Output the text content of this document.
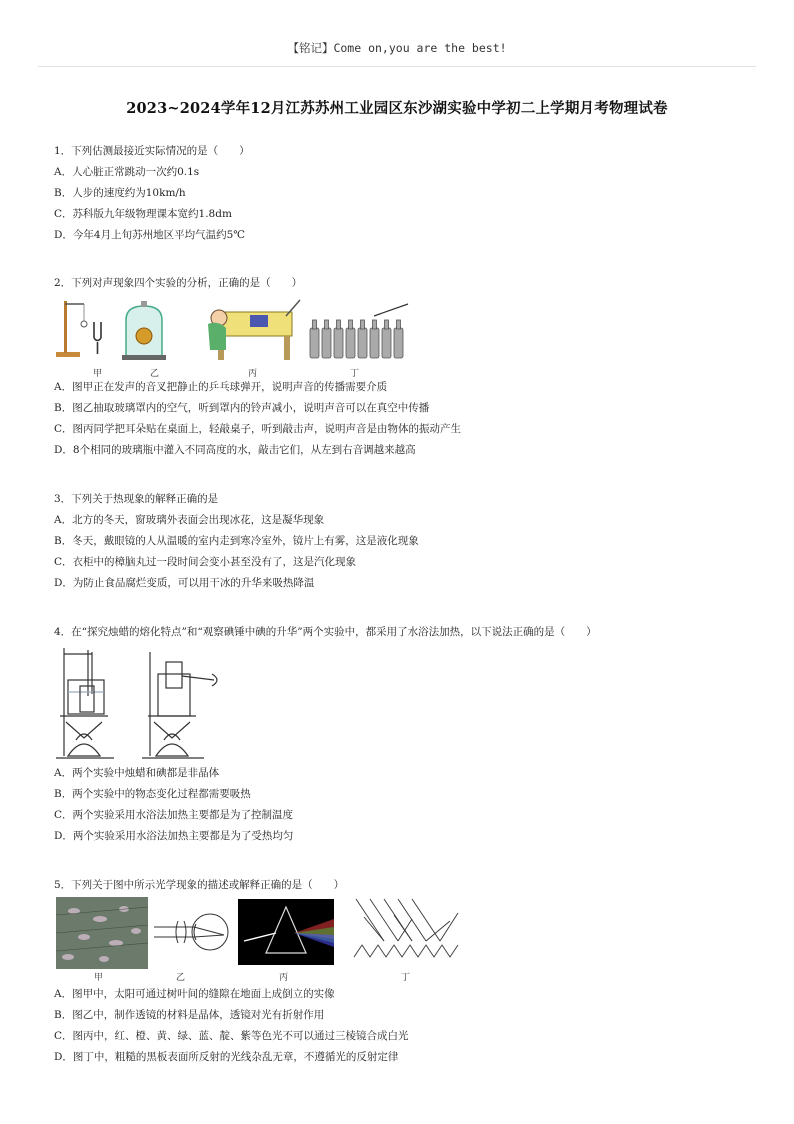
【铭记】Come on,you are the best!
2023~2024学年12月江苏苏州工业园区东沙湖实验中学初二上学期月考物理试卷
1．下列估测最接近实际情况的是（　　）
A．人心脏正常跳动一次约0.1s
B．人步的速度约为10km/h
C．苏科版九年级物理课本宽约1.8dm
D．今年4月上旬苏州地区平均气温约5℃
2．下列对声现象四个实验的分析，正确的是（　　）
甲	乙	丙	丁
A．图甲正在发声的音叉把静止的乒乓球弹开，说明声音的传播需要介质
B．图乙抽取玻璃罩内的空气，听到罩内的铃声减小，说明声音可以在真空中传播
C．图丙同学把耳朵贴在桌面上，轻敲桌子，听到敲击声，说明声音是由物体的振动产生
D．8个相同的玻璃瓶中灌入不同高度的水，敲击它们，从左到右音调越来越高
3．下列关于热现象的解释正确的是
A．北方的冬天，窗玻璃外表面会出现冰花，这是凝华现象
B．冬天，戴眼镜的人从温暖的室内走到寒冷室外，镜片上有雾，这是液化现象
C．衣柜中的樟脑丸过一段时间会变小甚至没有了，这是汽化现象
D．为防止食品腐烂变质，可以用干冰的升华来吸热降温
4．在“探究烛蜡的熔化特点”和“观察碘锤中碘的升华”两个实验中，都采用了水浴法加热，以下说法正确的是（　　）
A．两个实验中烛蜡和碘都是非晶体
B．两个实验中的物态变化过程都需要吸热
C．两个实验采用水浴法加热主要都是为了控制温度
D．两个实验采用水浴法加热主要都是为了受热均匀
5．下列关于图中所示光学现象的描述或解释正确的是（　　）
甲	乙	丙	丁
A．图甲中，太阳可通过树叶间的缝隙在地面上成倒立的实像
B．图乙中，制作透镜的材料是晶体，透镜对光有折射作用
C．图丙中，红、橙、黄、绿、蓝、靛、紫等色光不可以通过三棱镜合成白光
D．图丁中，粗糙的黑板表面所反射的光线杂乱无章，不遵循光的反射定律
